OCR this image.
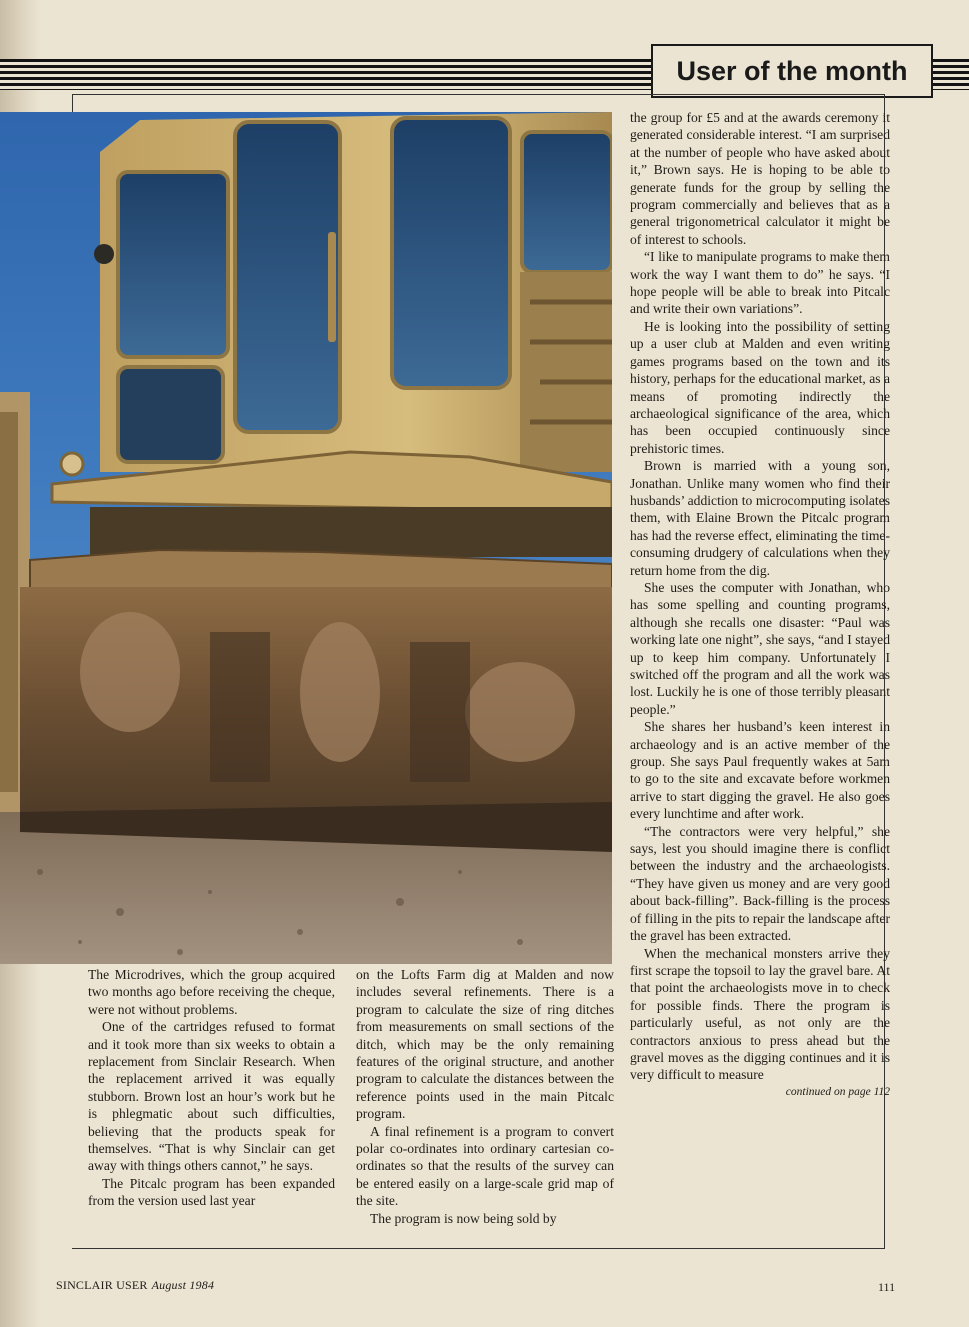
User of the month

The Microdrives, which the group acquired two months ago before receiving the cheque, were not without problems.

One of the cartridges refused to format and it took more than six weeks to obtain a replacement from Sinclair Research. When the replacement arrived it was equally stubborn. Brown lost an hour’s work but he is phlegmatic about such difficulties, believing that the products speak for themselves. “That is why Sinclair can get away with things others cannot,” he says.

The Pitcalc program has been expanded from the version used last year

on the Lofts Farm dig at Malden and now includes several refinements. There is a program to calculate the size of ring ditches from measurements on small sections of the ditch, which may be the only remaining features of the original structure, and another program to calculate the distances between the reference points used in the main Pitcalc program.

A final refinement is a program to convert polar co-ordinates into ordinary cartesian co-ordinates so that the results of the survey can be entered easily on a large-scale grid map of the site.

The program is now being sold by

the group for £5 and at the awards ceremony it generated considerable interest. “I am surprised at the number of people who have asked about it,” Brown says. He is hoping to be able to generate funds for the group by selling the program commercially and believes that as a general trigonometrical calculator it might be of interest to schools.

“I like to manipulate programs to make them work the way I want them to do” he says. “I hope people will be able to break into Pitcalc and write their own variations”.

He is looking into the possibility of setting up a user club at Malden and even writing games programs based on the town and its history, perhaps for the educational market, as a means of promoting indirectly the archaeological significance of the area, which has been occupied continuously since prehistoric times.

Brown is married with a young son, Jonathan. Unlike many women who find their husbands’ addiction to microcomputing isolates them, with Elaine Brown the Pitcalc program has had the reverse effect, eliminating the time-consuming drudgery of calculations when they return home from the dig.

She uses the computer with Jonathan, who has some spelling and counting programs, although she recalls one disaster: “Paul was working late one night”, she says, “and I stayed up to keep him company. Unfortunately I switched off the program and all the work was lost. Luckily he is one of those terribly pleasant people.”

She shares her husband’s keen interest in archaeology and is an active member of the group. She says Paul frequently wakes at 5am to go to the site and excavate before workmen arrive to start digging the gravel. He also goes every lunchtime and after work.

“The contractors were very helpful,” she says, lest you should imagine there is conflict between the industry and the archaeologists. “They have given us money and are very good about back-filling”. Back-filling is the process of filling in the pits to repair the landscape after the gravel has been extracted.

When the mechanical monsters arrive they first scrape the topsoil to lay the gravel bare. At that point the archaeologists move in to check for possible finds. There the program is particularly useful, as not only are the contractors anxious to press ahead but the gravel moves as the digging continues and it is very difficult to measure

continued on page 112

SINCLAIR USER August 1984	111
